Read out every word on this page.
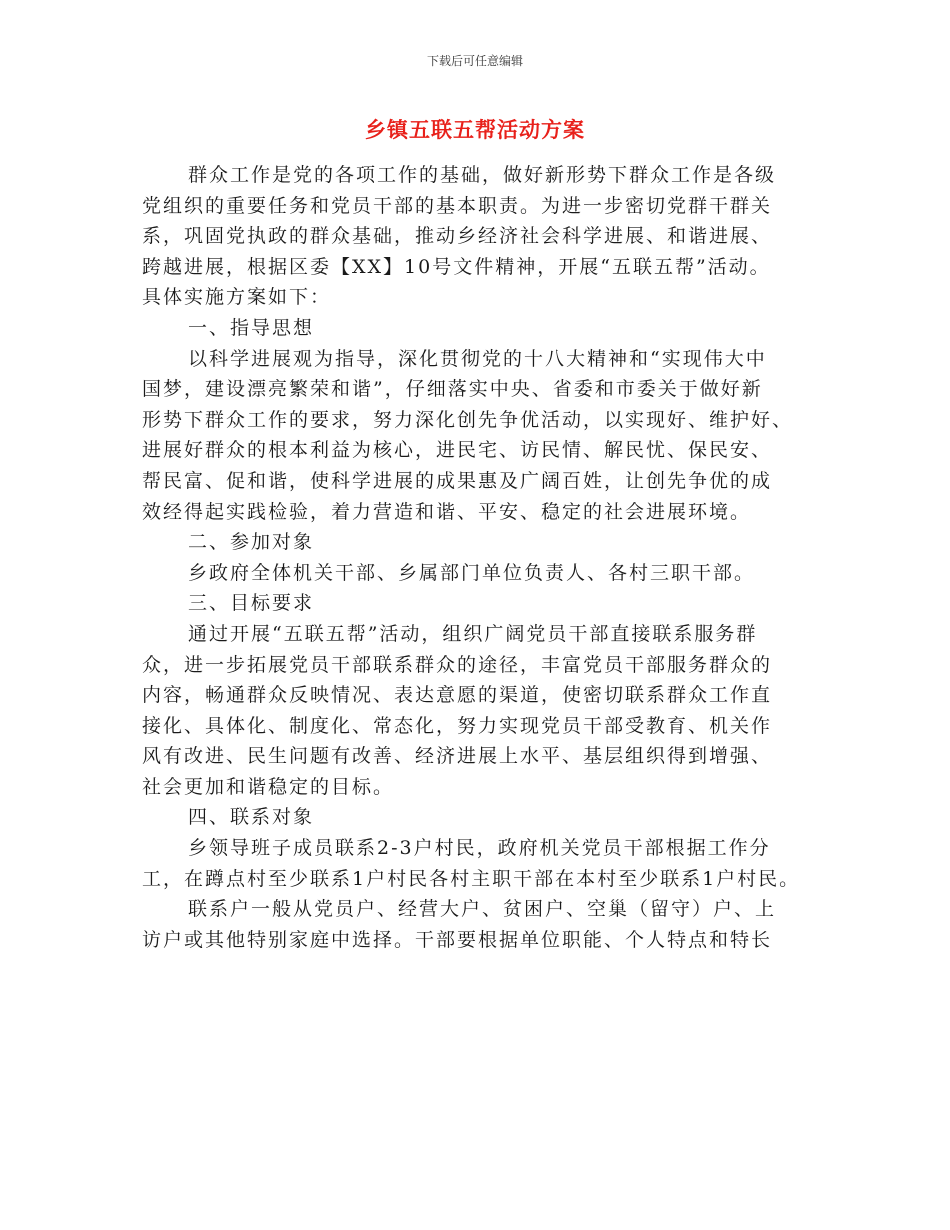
下载后可任意编辑
乡镇五联五帮活动方案
群众工作是党的各项工作的基础，做好新形势下群众工作是各级
党组织的重要任务和党员干部的基本职责。为进一步密切党群干群关
系，巩固党执政的群众基础，推动乡经济社会科学进展、和谐进展、
跨越进展，根据区委【XX】10号文件精神，开展“五联五帮”活动。
具体实施方案如下：
一、指导思想
以科学进展观为指导，深化贯彻党的十八大精神和“实现伟大中
国梦，建设漂亮繁荣和谐”，仔细落实中央、省委和市委关于做好新
形势下群众工作的要求，努力深化创先争优活动，以实现好、维护好、
进展好群众的根本利益为核心，进民宅、访民情、解民忧、保民安、
帮民富、促和谐，使科学进展的成果惠及广阔百姓，让创先争优的成
效经得起实践检验，着力营造和谐、平安、稳定的社会进展环境。
二、参加对象
乡政府全体机关干部、乡属部门单位负责人、各村三职干部。
三、目标要求
通过开展“五联五帮”活动，组织广阔党员干部直接联系服务群
众，进一步拓展党员干部联系群众的途径，丰富党员干部服务群众的
内容，畅通群众反映情况、表达意愿的渠道，使密切联系群众工作直
接化、具体化、制度化、常态化，努力实现党员干部受教育、机关作
风有改进、民生问题有改善、经济进展上水平、基层组织得到增强、
社会更加和谐稳定的目标。
四、联系对象
乡领导班子成员联系2-3户村民，政府机关党员干部根据工作分
工，在蹲点村至少联系1户村民各村主职干部在本村至少联系1户村民。
联系户一般从党员户、经营大户、贫困户、空巢（留守）户、上
访户或其他特别家庭中选择。干部要根据单位职能、个人特点和特长
